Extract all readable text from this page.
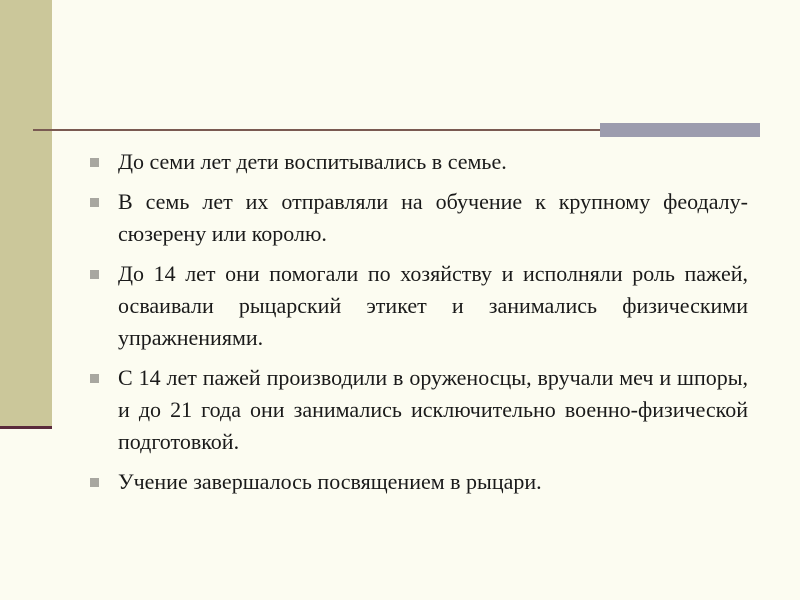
До семи лет дети воспитывались в семье.
В семь лет их отправляли на обучение к крупному феодалу-сюзерену или королю.
До 14 лет они помогали по хозяйству и исполняли роль пажей, осваивали рыцарский этикет и занимались физическими упражнениями.
С 14 лет пажей производили в оруженосцы, вручали меч и шпоры, и до 21 года они занимались исключительно военно-физической подготовкой.
Учение завершалось посвящением в рыцари.
